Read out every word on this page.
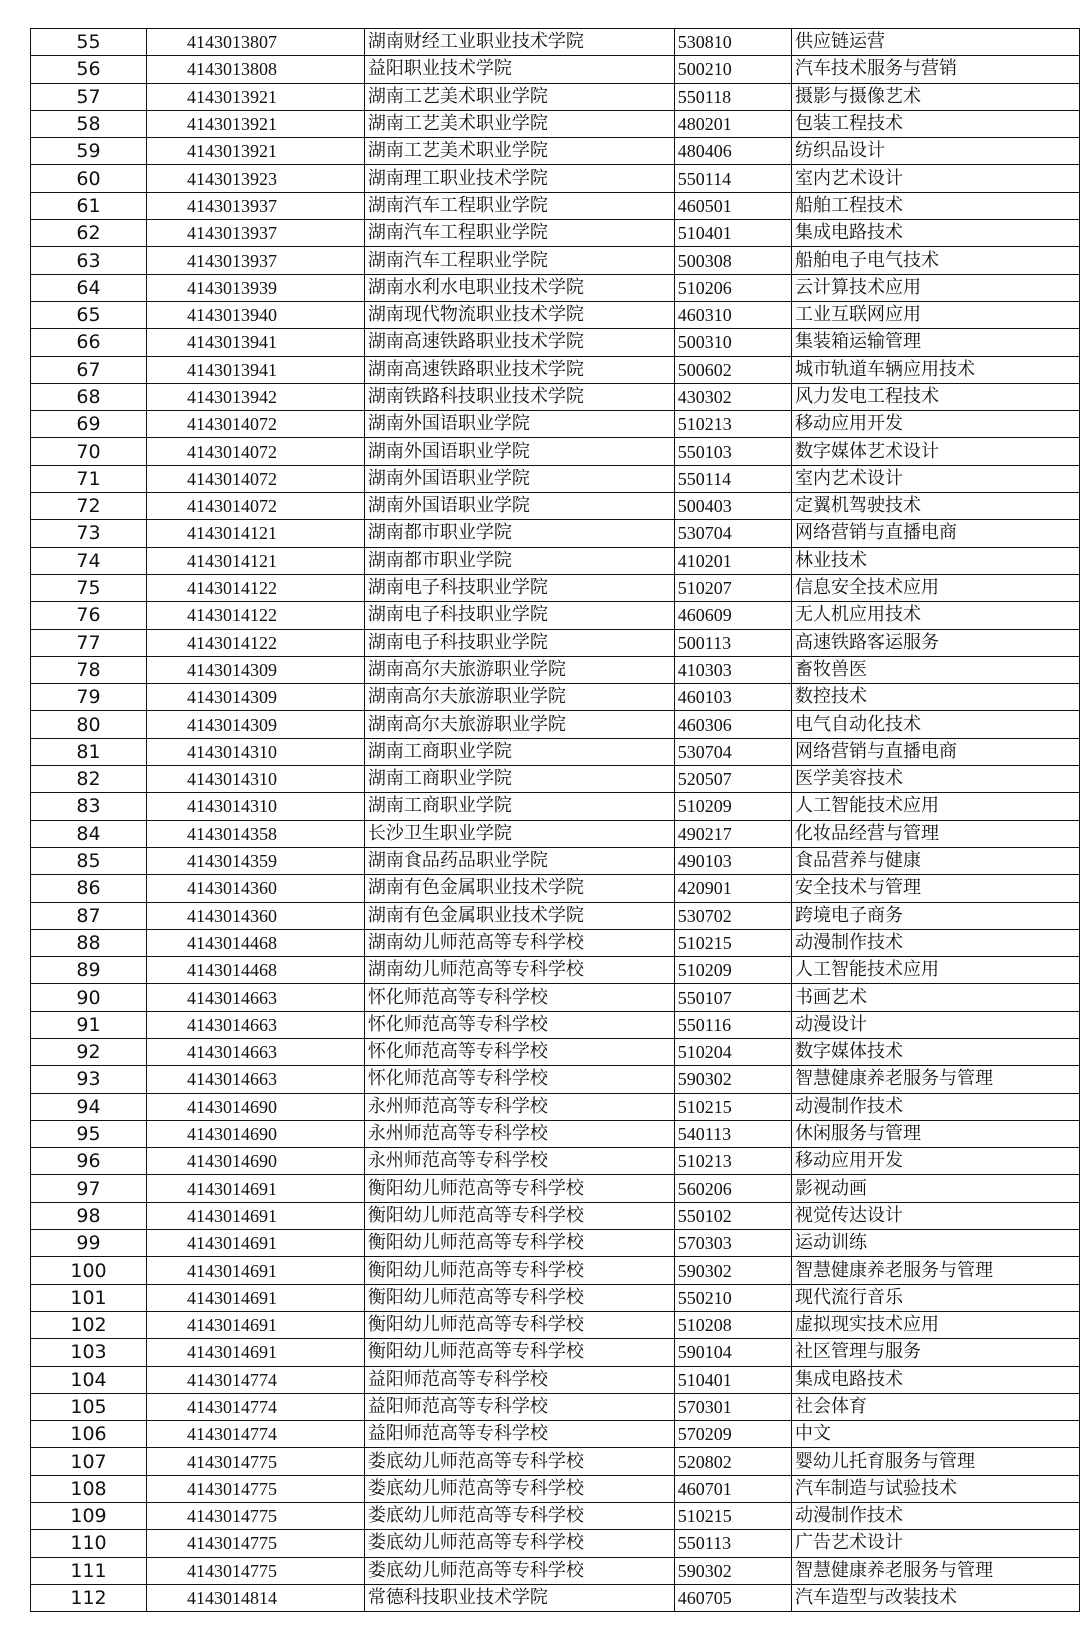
55	4143013807	湖南财经工业职业技术学院	530810	供应链运营
56	4143013808	益阳职业技术学院	500210	汽车技术服务与营销
57	4143013921	湖南工艺美术职业学院	550118	摄影与摄像艺术
58	4143013921	湖南工艺美术职业学院	480201	包装工程技术
59	4143013921	湖南工艺美术职业学院	480406	纺织品设计
60	4143013923	湖南理工职业技术学院	550114	室内艺术设计
61	4143013937	湖南汽车工程职业学院	460501	船舶工程技术
62	4143013937	湖南汽车工程职业学院	510401	集成电路技术
63	4143013937	湖南汽车工程职业学院	500308	船舶电子电气技术
64	4143013939	湖南水利水电职业技术学院	510206	云计算技术应用
65	4143013940	湖南现代物流职业技术学院	460310	工业互联网应用
66	4143013941	湖南高速铁路职业技术学院	500310	集装箱运输管理
67	4143013941	湖南高速铁路职业技术学院	500602	城市轨道车辆应用技术
68	4143013942	湖南铁路科技职业技术学院	430302	风力发电工程技术
69	4143014072	湖南外国语职业学院	510213	移动应用开发
70	4143014072	湖南外国语职业学院	550103	数字媒体艺术设计
71	4143014072	湖南外国语职业学院	550114	室内艺术设计
72	4143014072	湖南外国语职业学院	500403	定翼机驾驶技术
73	4143014121	湖南都市职业学院	530704	网络营销与直播电商
74	4143014121	湖南都市职业学院	410201	林业技术
75	4143014122	湖南电子科技职业学院	510207	信息安全技术应用
76	4143014122	湖南电子科技职业学院	460609	无人机应用技术
77	4143014122	湖南电子科技职业学院	500113	高速铁路客运服务
78	4143014309	湖南高尔夫旅游职业学院	410303	畜牧兽医
79	4143014309	湖南高尔夫旅游职业学院	460103	数控技术
80	4143014309	湖南高尔夫旅游职业学院	460306	电气自动化技术
81	4143014310	湖南工商职业学院	530704	网络营销与直播电商
82	4143014310	湖南工商职业学院	520507	医学美容技术
83	4143014310	湖南工商职业学院	510209	人工智能技术应用
84	4143014358	长沙卫生职业学院	490217	化妆品经营与管理
85	4143014359	湖南食品药品职业学院	490103	食品营养与健康
86	4143014360	湖南有色金属职业技术学院	420901	安全技术与管理
87	4143014360	湖南有色金属职业技术学院	530702	跨境电子商务
88	4143014468	湖南幼儿师范高等专科学校	510215	动漫制作技术
89	4143014468	湖南幼儿师范高等专科学校	510209	人工智能技术应用
90	4143014663	怀化师范高等专科学校	550107	书画艺术
91	4143014663	怀化师范高等专科学校	550116	动漫设计
92	4143014663	怀化师范高等专科学校	510204	数字媒体技术
93	4143014663	怀化师范高等专科学校	590302	智慧健康养老服务与管理
94	4143014690	永州师范高等专科学校	510215	动漫制作技术
95	4143014690	永州师范高等专科学校	540113	休闲服务与管理
96	4143014690	永州师范高等专科学校	510213	移动应用开发
97	4143014691	衡阳幼儿师范高等专科学校	560206	影视动画
98	4143014691	衡阳幼儿师范高等专科学校	550102	视觉传达设计
99	4143014691	衡阳幼儿师范高等专科学校	570303	运动训练
100	4143014691	衡阳幼儿师范高等专科学校	590302	智慧健康养老服务与管理
101	4143014691	衡阳幼儿师范高等专科学校	550210	现代流行音乐
102	4143014691	衡阳幼儿师范高等专科学校	510208	虚拟现实技术应用
103	4143014691	衡阳幼儿师范高等专科学校	590104	社区管理与服务
104	4143014774	益阳师范高等专科学校	510401	集成电路技术
105	4143014774	益阳师范高等专科学校	570301	社会体育
106	4143014774	益阳师范高等专科学校	570209	中文
107	4143014775	娄底幼儿师范高等专科学校	520802	婴幼儿托育服务与管理
108	4143014775	娄底幼儿师范高等专科学校	460701	汽车制造与试验技术
109	4143014775	娄底幼儿师范高等专科学校	510215	动漫制作技术
110	4143014775	娄底幼儿师范高等专科学校	550113	广告艺术设计
111	4143014775	娄底幼儿师范高等专科学校	590302	智慧健康养老服务与管理
112	4143014814	常德科技职业技术学院	460705	汽车造型与改装技术
